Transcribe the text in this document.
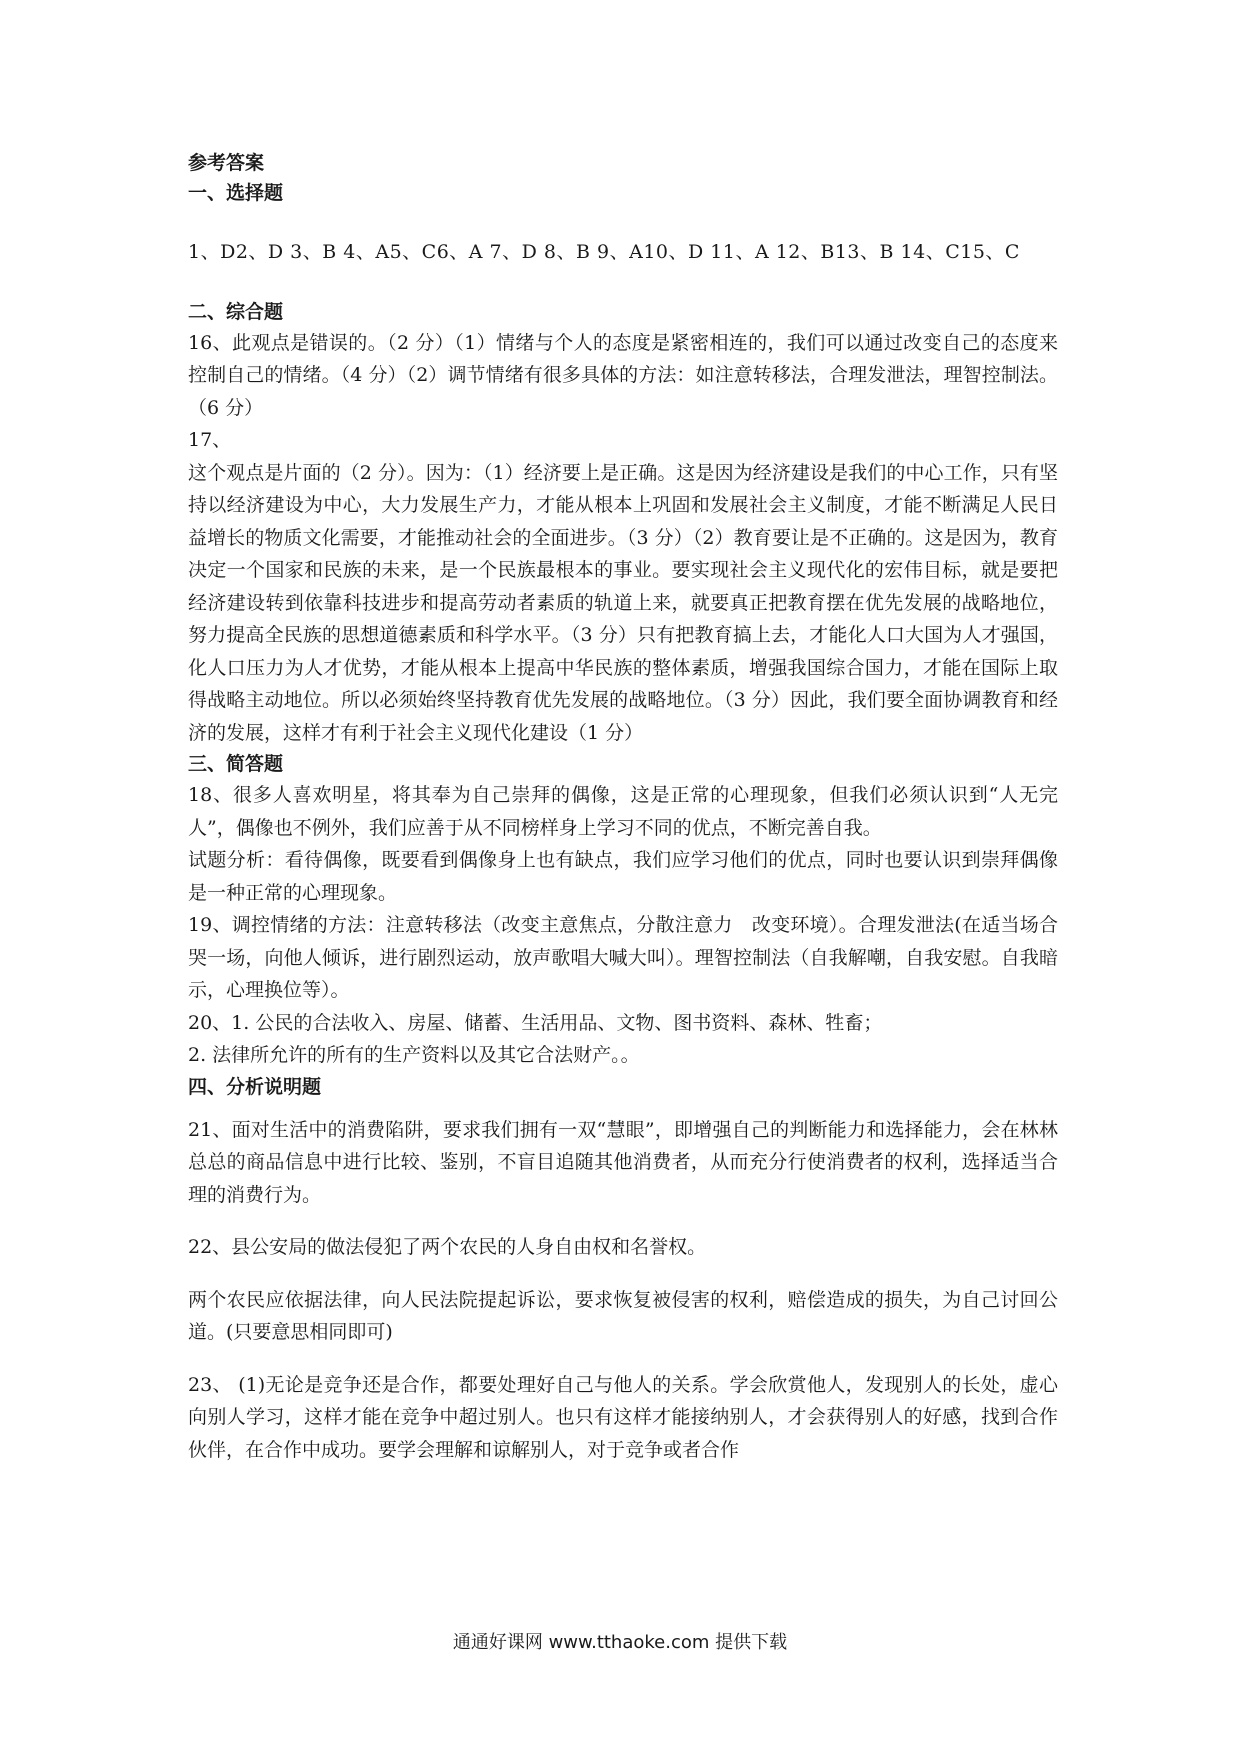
参考答案

一、选择题

1、D2、D 3、B 4、A5、C6、A 7、D 8、B 9、A10、D 11、A 12、B13、B 14、C15、C

二、综合题

16、此观点是错误的。（2 分）（1）情绪与个人的态度是紧密相连的，我们可以通过改变自己的态度来控制自己的情绪。（4 分）（2）调节情绪有很多具体的方法：如注意转移法，合理发泄法，理智控制法。（6 分）

17、

这个观点是片面的（2 分）。因为：（1）经济要上是正确。这是因为经济建设是我们的中心工作，只有坚持以经济建设为中心，大力发展生产力，才能从根本上巩固和发展社会主义制度，才能不断满足人民日益增长的物质文化需要，才能推动社会的全面进步。（3 分）（2）教育要让是不正确的。这是因为，教育决定一个国家和民族的未来，是一个民族最根本的事业。要实现社会主义现代化的宏伟目标，就是要把经济建设转到依靠科技进步和提高劳动者素质的轨道上来，就要真正把教育摆在优先发展的战略地位，努力提高全民族的思想道德素质和科学水平。（3 分）只有把教育搞上去，才能化人口大国为人才强国，化人口压力为人才优势，才能从根本上提高中华民族的整体素质，增强我国综合国力，才能在国际上取得战略主动地位。所以必须始终坚持教育优先发展的战略地位。（3 分）因此，我们要全面协调教育和经济的发展，这样才有利于社会主义现代化建设（1 分）

三、简答题

18、很多人喜欢明星，将其奉为自己崇拜的偶像，这是正常的心理现象，但我们必须认识到“人无完人”，偶像也不例外，我们应善于从不同榜样身上学习不同的优点，不断完善自我。

试题分析：看待偶像，既要看到偶像身上也有缺点，我们应学习他们的优点，同时也要认识到崇拜偶像是一种正常的心理现象。

19、调控情绪的方法：注意转移法（改变主意焦点，分散注意力　改变环境）。合理发泄法(在适当场合哭一场，向他人倾诉，进行剧烈运动，放声歌唱大喊大叫）。理智控制法（自我解嘲，自我安慰。自我暗示，心理换位等）。

20、1. 公民的合法收入、房屋、储蓄、生活用品、文物、图书资料、森林、牲畜；

2. 法律所允许的所有的生产资料以及其它合法财产。。

四、分析说明题

21、面对生活中的消费陷阱，要求我们拥有一双“慧眼”，即增强自己的判断能力和选择能力，会在林林总总的商品信息中进行比较、鉴别，不盲目追随其他消费者，从而充分行使消费者的权利，选择适当合理的消费行为。

22、县公安局的做法侵犯了两个农民的人身自由权和名誉权。

两个农民应依据法律，向人民法院提起诉讼，要求恢复被侵害的权利，赔偿造成的损失，为自己讨回公道。(只要意思相同即可)

23、 (1)无论是竞争还是合作，都要处理好自己与他人的关系。学会欣赏他人，发现别人的长处，虚心向别人学习，这样才能在竞争中超过别人。也只有这样才能接纳别人，才会获得别人的好感，找到合作伙伴，在合作中成功。要学会理解和谅解别人，对于竞争或者合作

通通好课网 www.tthaoke.com 提供下载
